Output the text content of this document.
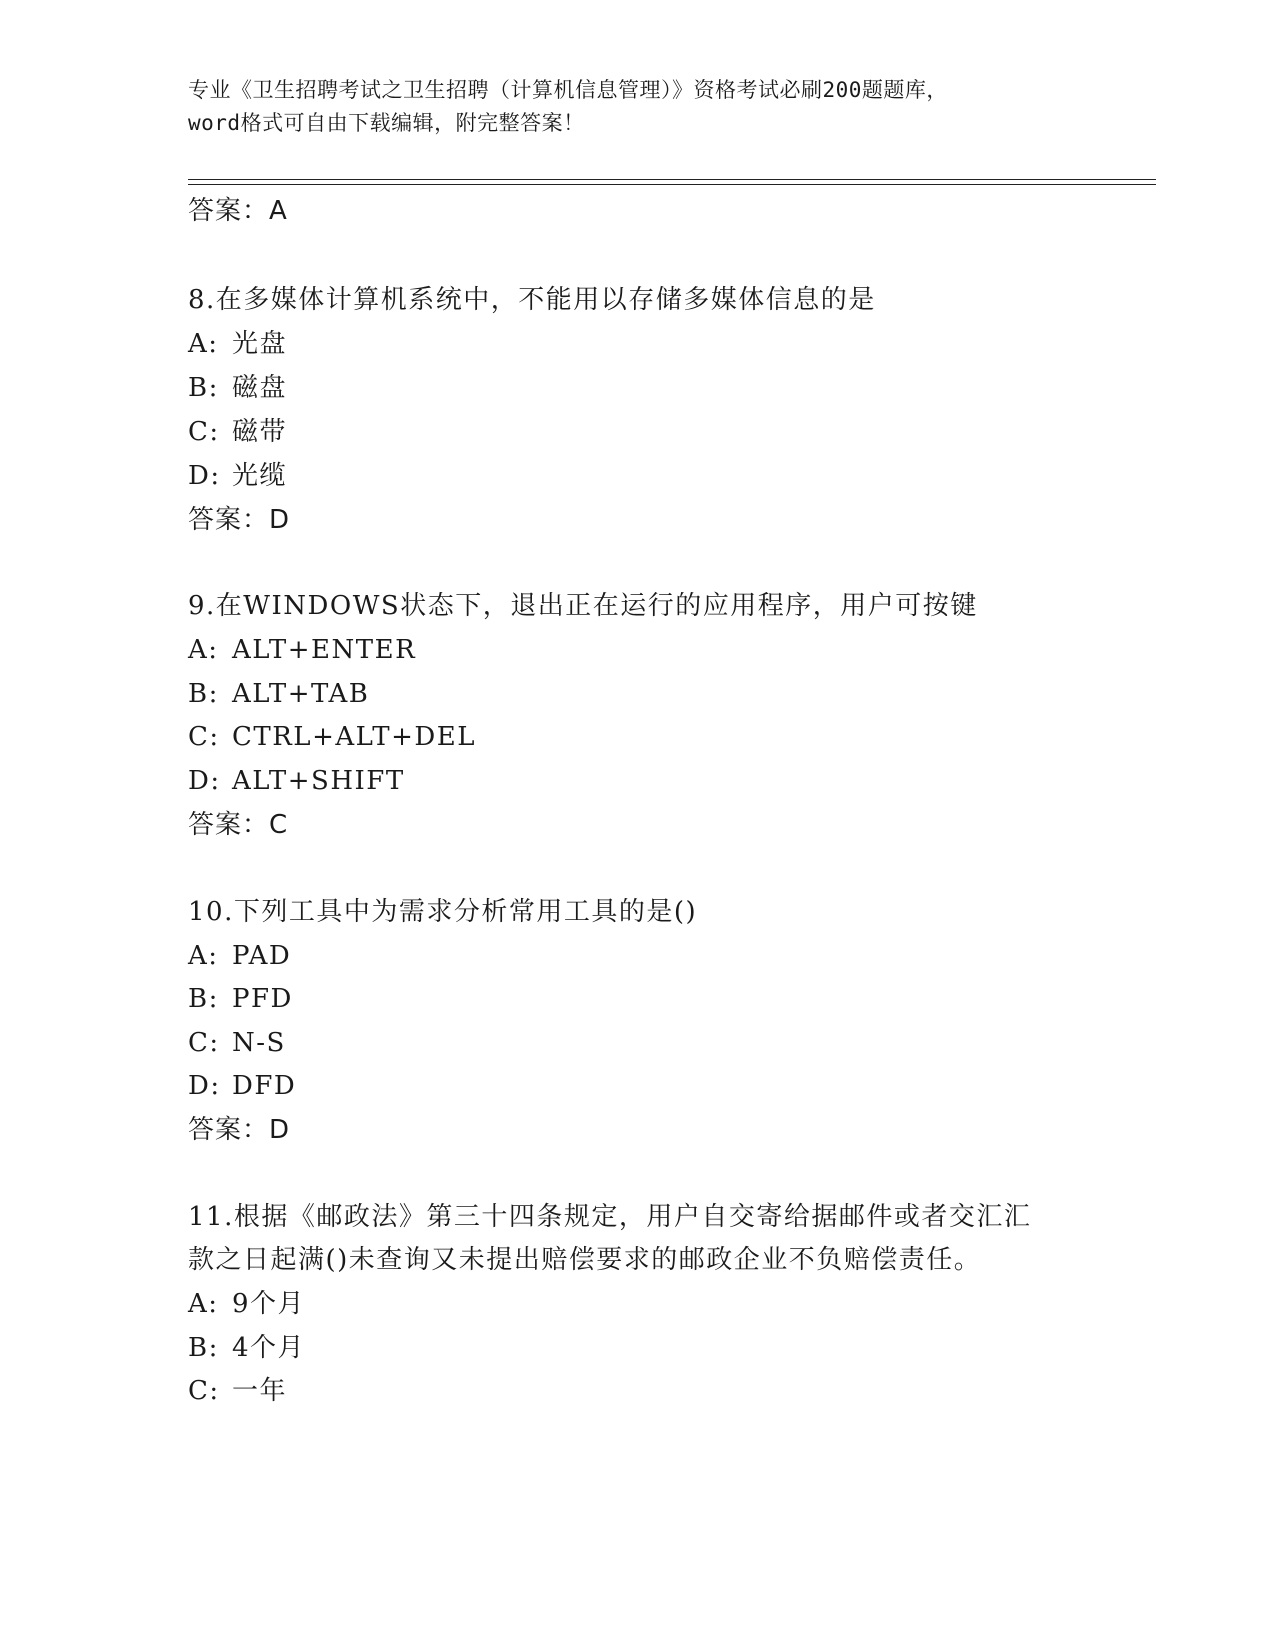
专业《卫生招聘考试之卫生招聘（计算机信息管理）》资格考试必刷200题题库，
word格式可自由下载编辑，附完整答案！
答案：A
8.在多媒体计算机系统中，不能用以存储多媒体信息的是
A: 光盘
B: 磁盘
C: 磁带
D: 光缆
答案：D
9.在WINDOWS状态下，退出正在运行的应用程序，用户可按键
A: ALT+ENTER
B: ALT+TAB
C: CTRL+ALT+DEL
D: ALT+SHIFT
答案：C
10.下列工具中为需求分析常用工具的是()
A: PAD
B: PFD
C: N-S
D: DFD
答案：D
11.根据《邮政法》第三十四条规定，用户自交寄给据邮件或者交汇汇
款之日起满()未查询又未提出赔偿要求的邮政企业不负赔偿责任。
A: 9个月
B: 4个月
C: 一年
